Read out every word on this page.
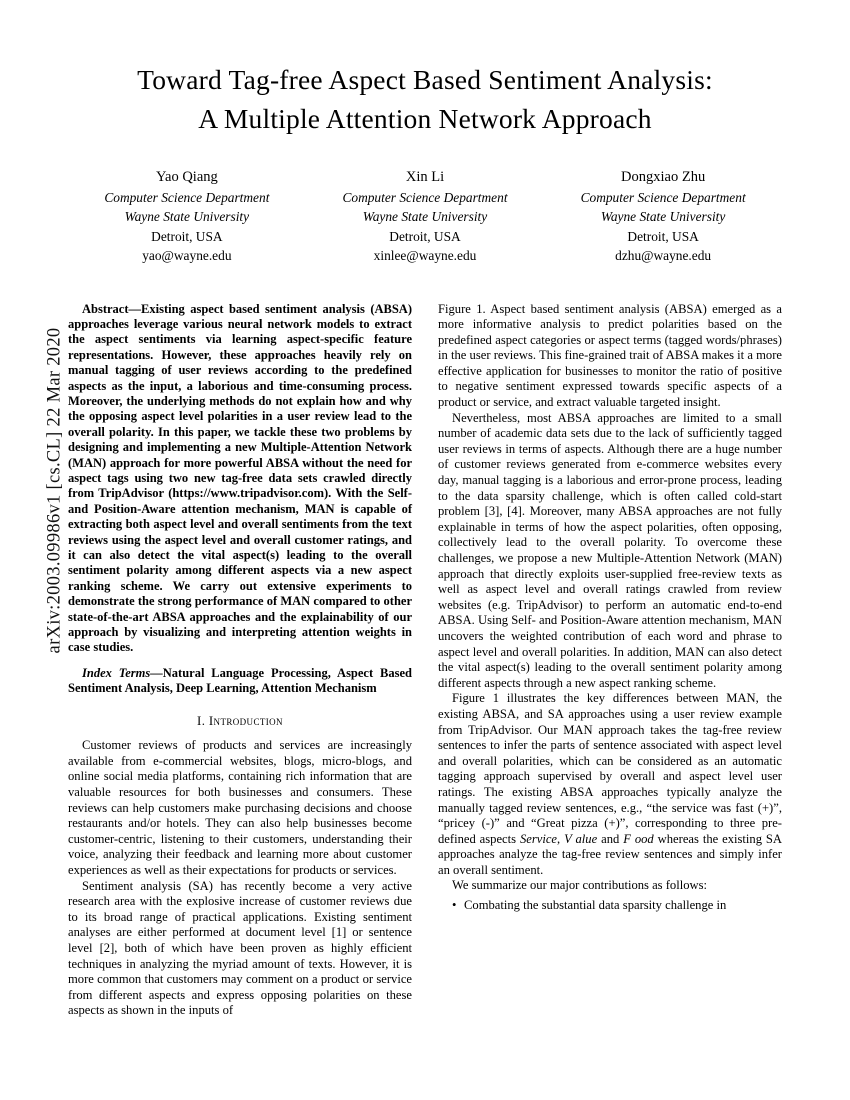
arXiv:2003.09986v1 [cs.CL] 22 Mar 2020
Toward Tag-free Aspect Based Sentiment Analysis:
A Multiple Attention Network Approach
Yao Qiang
Computer Science Department
Wayne State University
Detroit, USA
yao@wayne.edu
Xin Li
Computer Science Department
Wayne State University
Detroit, USA
xinlee@wayne.edu
Dongxiao Zhu
Computer Science Department
Wayne State University
Detroit, USA
dzhu@wayne.edu
Abstract—Existing aspect based sentiment analysis (ABSA) approaches leverage various neural network models to extract the aspect sentiments via learning aspect-specific feature representations. However, these approaches heavily rely on manual tagging of user reviews according to the predefined aspects as the input, a laborious and time-consuming process. Moreover, the underlying methods do not explain how and why the opposing aspect level polarities in a user review lead to the overall polarity. In this paper, we tackle these two problems by designing and implementing a new Multiple-Attention Network (MAN) approach for more powerful ABSA without the need for aspect tags using two new tag-free data sets crawled directly from TripAdvisor (https://www.tripadvisor.com). With the Self- and Position-Aware attention mechanism, MAN is capable of extracting both aspect level and overall sentiments from the text reviews using the aspect level and overall customer ratings, and it can also detect the vital aspect(s) leading to the overall sentiment polarity among different aspects via a new aspect ranking scheme. We carry out extensive experiments to demonstrate the strong performance of MAN compared to other state-of-the-art ABSA approaches and the explainability of our approach by visualizing and interpreting attention weights in case studies.
Index Terms—Natural Language Processing, Aspect Based Sentiment Analysis, Deep Learning, Attention Mechanism
I. Introduction

Customer reviews of products and services are increasingly available from e-commercial websites, blogs, micro-blogs, and online social media platforms, containing rich information that are valuable resources for both businesses and consumers. These reviews can help customers make purchasing decisions and choose restaurants and/or hotels. They can also help businesses become customer-centric, listening to their customers, understanding their voice, analyzing their feedback and learning more about customer experiences as well as their expectations for products or services.

Sentiment analysis (SA) has recently become a very active research area with the explosive increase of customer reviews due to its broad range of practical applications. Existing sentiment analyses are either performed at document level [1] or sentence level [2], both of which have been proven as highly efficient techniques in analyzing the myriad amount of texts. However, it is more common that customers may comment on a product or service from different aspects and express opposing polarities on these aspects as shown in the inputs of

Figure 1. Aspect based sentiment analysis (ABSA) emerged as a more informative analysis to predict polarities based on the predefined aspect categories or aspect terms (tagged words/phrases) in the user reviews. This fine-grained trait of ABSA makes it a more effective application for businesses to monitor the ratio of positive to negative sentiment expressed towards specific aspects of a product or service, and extract valuable targeted insight.

Nevertheless, most ABSA approaches are limited to a small number of academic data sets due to the lack of sufficiently tagged user reviews in terms of aspects. Although there are a huge number of customer reviews generated from e-commerce websites every day, manual tagging is a laborious and error-prone process, leading to the data sparsity challenge, which is often called cold-start problem [3], [4]. Moreover, many ABSA approaches are not fully explainable in terms of how the aspect polarities, often opposing, collectively lead to the overall polarity. To overcome these challenges, we propose a new Multiple-Attention Network (MAN) approach that directly exploits user-supplied free-review texts as well as aspect level and overall ratings crawled from review websites (e.g. TripAdvisor) to perform an automatic end-to-end ABSA. Using Self- and Position-Aware attention mechanism, MAN uncovers the weighted contribution of each word and phrase to aspect level and overall polarities. In addition, MAN can also detect the vital aspect(s) leading to the overall sentiment polarity among different aspects through a new aspect ranking scheme.

Figure 1 illustrates the key differences between MAN, the existing ABSA, and SA approaches using a user review example from TripAdvisor. Our MAN approach takes the tag-free review sentences to infer the parts of sentence associated with aspect level and overall polarities, which can be considered as an automatic tagging approach supervised by overall and aspect level user ratings. The existing ABSA approaches typically analyze the manually tagged review sentences, e.g., “the service was fast (+)”, “pricey (-)” and “Great pizza (+)”, corresponding to three pre-defined aspects Service, V alue and F ood whereas the existing SA approaches analyze the tag-free review sentences and simply infer an overall sentiment.

We summarize our major contributions as follows:

• Combating the substantial data sparsity challenge in
